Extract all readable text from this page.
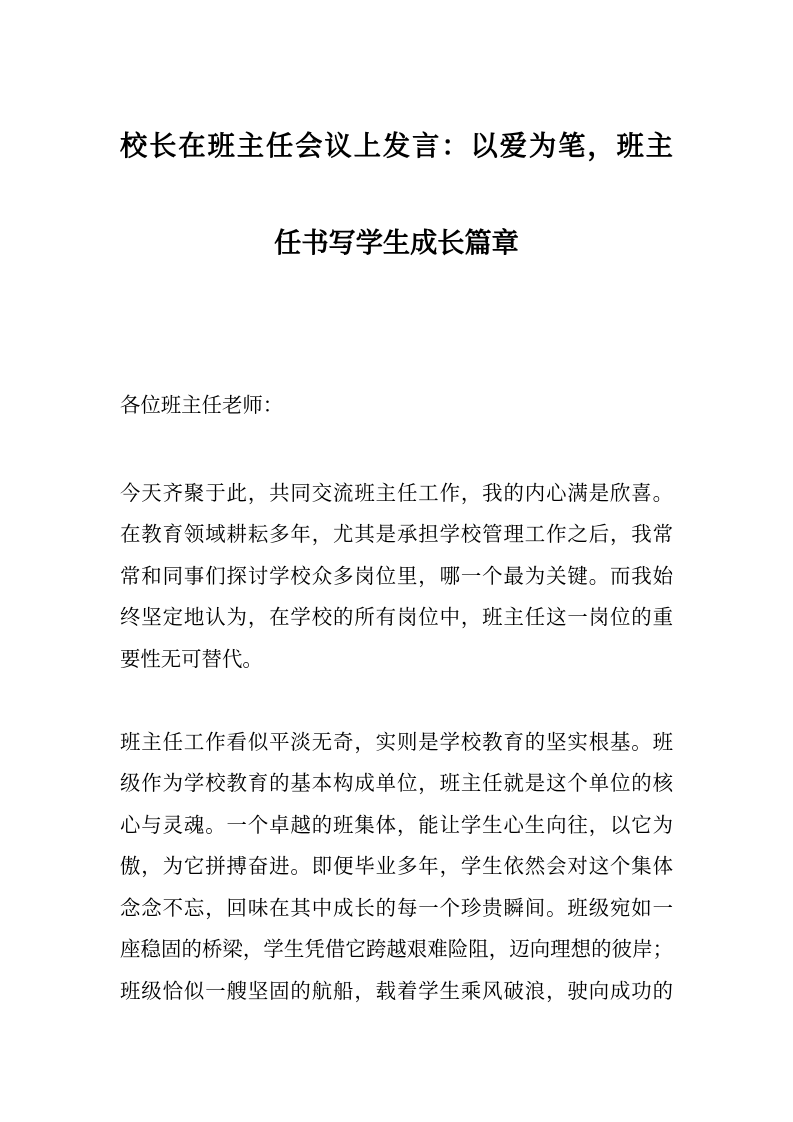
校长在班主任会议上发言：以爱为笔，班主
任书写学生成长篇章
各位班主任老师：
今天齐聚于此，共同交流班主任工作，我的内心满是欣喜。
在教育领域耕耘多年，尤其是承担学校管理工作之后，我常
常和同事们探讨学校众多岗位里，哪一个最为关键。而我始
终坚定地认为，在学校的所有岗位中，班主任这一岗位的重
要性无可替代。
班主任工作看似平淡无奇，实则是学校教育的坚实根基。班
级作为学校教育的基本构成单位，班主任就是这个单位的核
心与灵魂。一个卓越的班集体，能让学生心生向往，以它为
傲，为它拼搏奋进。即便毕业多年，学生依然会对这个集体
念念不忘，回味在其中成长的每一个珍贵瞬间。班级宛如一
座稳固的桥梁，学生凭借它跨越艰难险阻，迈向理想的彼岸；
班级恰似一艘坚固的航船，载着学生乘风破浪，驶向成功的
